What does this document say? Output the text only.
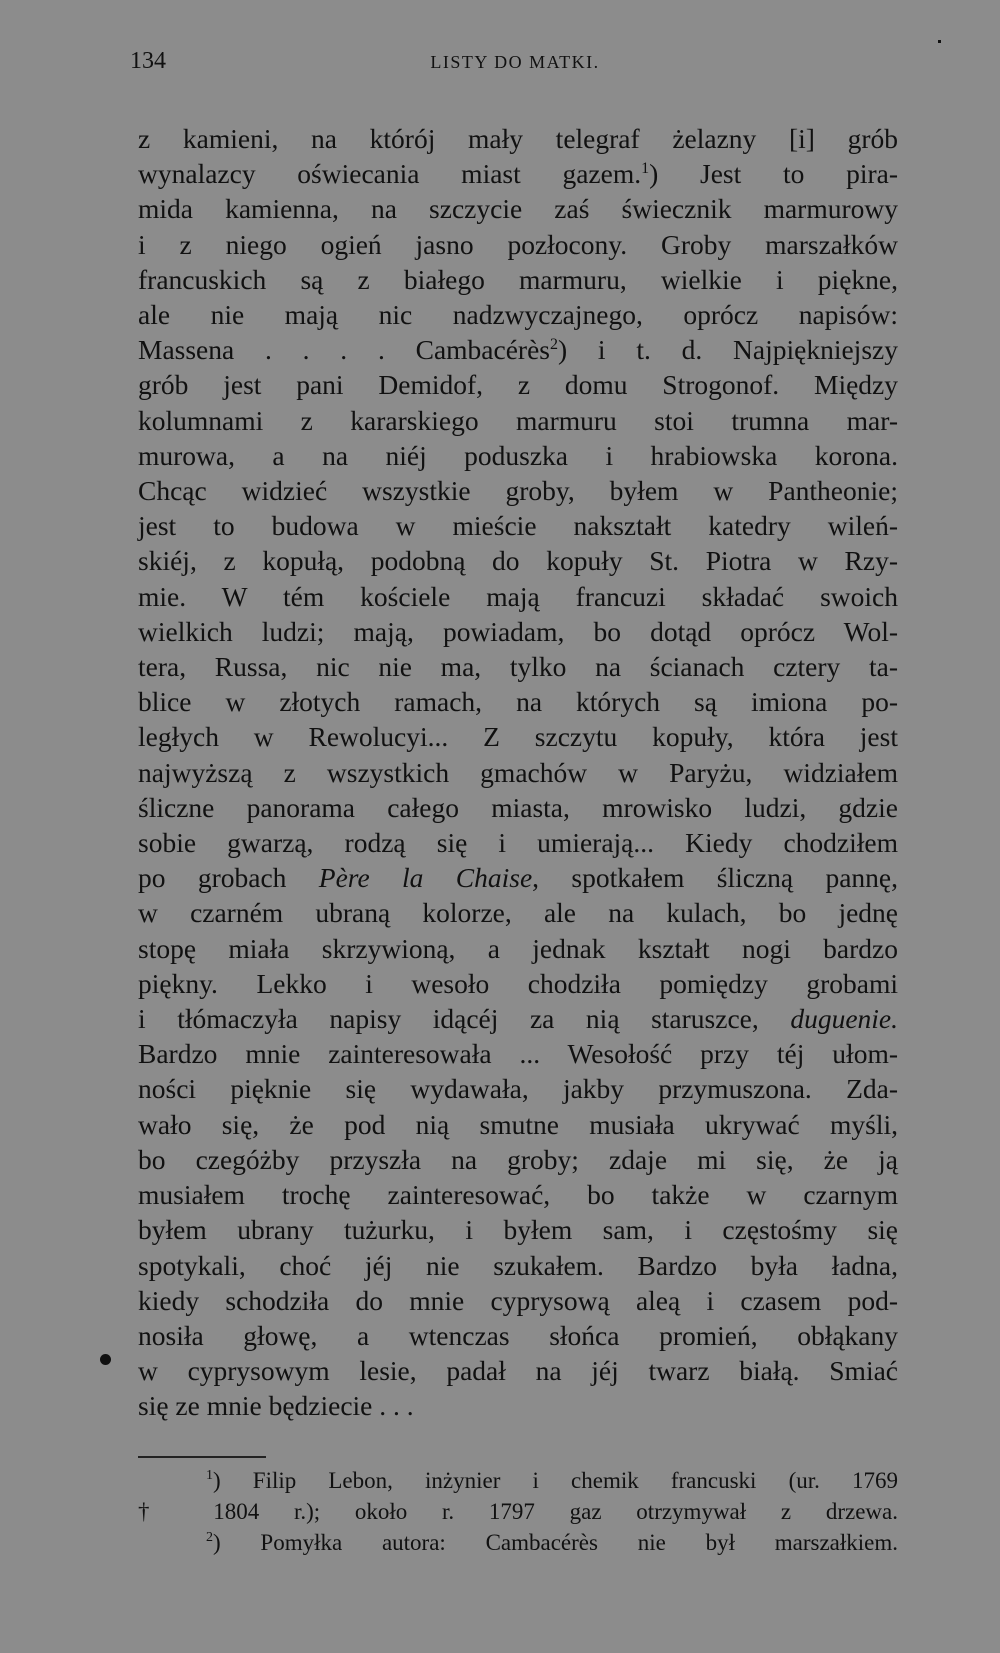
134	LISTY DO MATKI.
z kamieni, na którój mały telegraf żelazny [i] grób
wynalazcy oświecania miast gazem.$^1$) Jest to pira-
mida kamienna, na szczycie zaś świecznik marmurowy
i z niego ogień jasno pozłocony. Groby marszałków
francuskich są z białego marmuru, wielkie i piękne,
ale nie mają nic nadzwyczajnego, oprócz napisów:
Massena . . . . Cambacérès$^2$) i t. d. Najpiękniejszy
grób jest pani Demidof, z domu Strogonof. Między
kolumnami z kararskiego marmuru stoi trumna mar-
murowa, a na niéj poduszka i hrabiowska korona.
Chcąc widzieć wszystkie groby, byłem w Pantheonie;
jest to budowa w mieście nakształt katedry wileń-
skiéj, z kopułą, podobną do kopuły St. Piotra w Rzy-
mie. W tém kościele mają francuzi składać swoich
wielkich ludzi; mają, powiadam, bo dotąd oprócz Wol-
tera, Russa, nic nie ma, tylko na ścianach cztery ta-
blice w złotych ramach, na których są imiona po-
ległych w Rewolucyi... Z szczytu kopuły, która jest
najwyższą z wszystkich gmachów w Paryżu, widziałem
śliczne panorama całego miasta, mrowisko ludzi, gdzie
sobie gwarzą, rodzą się i umierają... Kiedy chodziłem
po grobach Père la Chaise, spotkałem śliczną pannę,
w czarném ubraną kolorze, ale na kulach, bo jednę
stopę miała skrzywioną, a jednak kształt nogi bardzo
piękny. Lekko i wesoło chodziła pomiędzy grobami
i tłómaczyła napisy idącéj za nią staruszce, duguenie.
Bardzo mnie zainteresowała ... Wesołość przy téj ułom-
ności pięknie się wydawała, jakby przymuszona. Zda-
wało się, że pod nią smutne musiała ukrywać myśli,
bo czegóżby przyszła na groby; zdaje mi się, że ją
musiałem trochę zainteresować, bo także w czarnym
byłem ubrany tużurku, i byłem sam, i częstośmy się
spotykali, choć jéj nie szukałem. Bardzo była ładna,
kiedy schodziła do mnie cyprysową aleą i czasem pod-
nosiła głowę, a wtenczas słońca promień, obłąkany
w cyprysowym lesie, padał na jéj twarz białą. Smiać
się ze mnie będziecie . . .
$^1$) Filip Lebon, inżynier i chemik francuski (ur. 1769
† 1804 r.); około r. 1797 gaz otrzymywał z drzewa.
$^2$) Pomyłka autora: Cambacérès nie był marszałkiem.
